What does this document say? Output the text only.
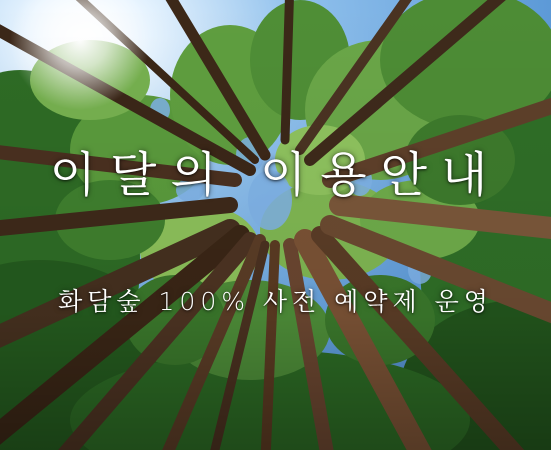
이달의 이용안내
화담숲 100% 사전 예약제 운영
